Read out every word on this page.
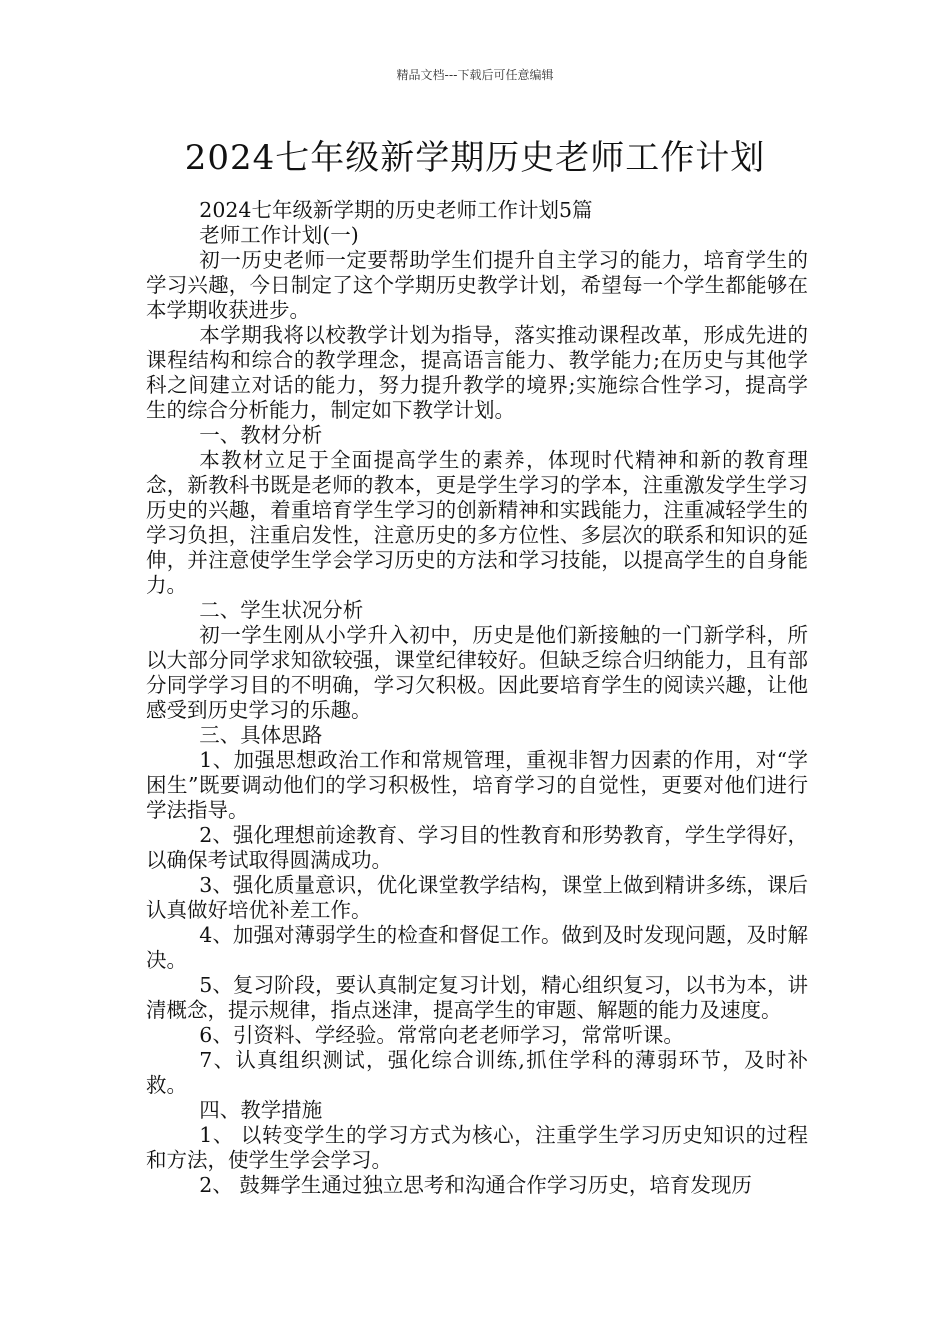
精品文档---下载后可任意编辑
2024七年级新学期历史老师工作计划

2024七年级新学期的历史老师工作计划5篇

老师工作计划(一)

初一历史老师一定要帮助学生们提升自主学习的能力，培育学生的学习兴趣，今日制定了这个学期历史教学计划，希望每一个学生都能够在本学期收获进步。

本学期我将以校教学计划为指导，落实推动课程改革，形成先进的课程结构和综合的教学理念，提高语言能力、教学能力;在历史与其他学科之间建立对话的能力，努力提升教学的境界;实施综合性学习，提高学生的综合分析能力，制定如下教学计划。

一、教材分析

本教材立足于全面提高学生的素养，体现时代精神和新的教育理念，新教科书既是老师的教本，更是学生学习的学本，注重激发学生学习历史的兴趣，着重培育学生学习的创新精神和实践能力，注重减轻学生的学习负担，注重启发性，注意历史的多方位性、多层次的联系和知识的延伸，并注意使学生学会学习历史的方法和学习技能，以提高学生的自身能力。

二、学生状况分析

初一学生刚从小学升入初中，历史是他们新接触的一门新学科，所以大部分同学求知欲较强，课堂纪律较好。但缺乏综合归纳能力，且有部分同学学习目的不明确，学习欠积极。因此要培育学生的阅读兴趣，让他感受到历史学习的乐趣。

三、具体思路

1、加强思想政治工作和常规管理，重视非智力因素的作用，对“学困生”既要调动他们的学习积极性，培育学习的自觉性，更要对他们进行学法指导。

2、强化理想前途教育、学习目的性教育和形势教育，学生学得好，以确保考试取得圆满成功。

3、强化质量意识，优化课堂教学结构，课堂上做到精讲多练，课后认真做好培优补差工作。

4、加强对薄弱学生的检查和督促工作。做到及时发现问题，及时解决。

5、复习阶段，要认真制定复习计划，精心组织复习，以书为本，讲清概念，提示规律，指点迷津，提高学生的审题、解题的能力及速度。

6、引资料、学经验。常常向老老师学习，常常听课。

7、认真组织测试，强化综合训练,抓住学科的薄弱环节，及时补救。

四、教学措施

1、 以转变学生的学习方式为核心，注重学生学习历史知识的过程和方法，使学生学会学习。

2、 鼓舞学生通过独立思考和沟通合作学习历史，培育发现历
